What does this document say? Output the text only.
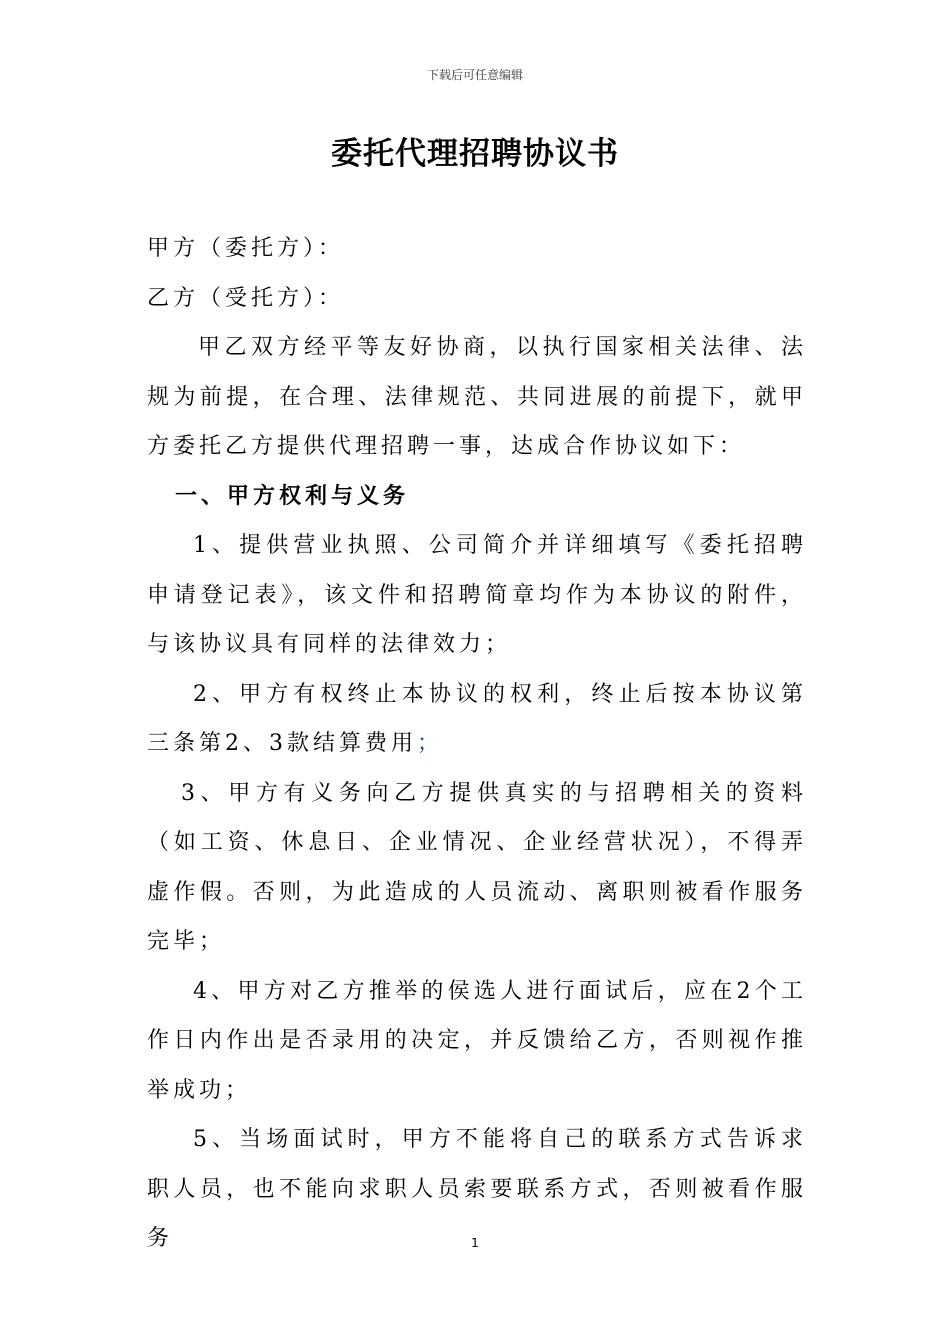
下载后可任意编辑
委托代理招聘协议书

甲方（委托方）：

乙方（受托方）：

甲乙双方经平等友好协商，以执行国家相关法律、法规为前提，在合理、法律规范、共同进展的前提下，就甲方委托乙方提供代理招聘一事，达成合作协议如下：

一、甲方权利与义务

1、提供营业执照、公司简介并详细填写《委托招聘申请登记表》，该文件和招聘简章均作为本协议的附件，与该协议具有同样的法律效力；

2、甲方有权终止本协议的权利，终止后按本协议第三条第2、3款结算费用；

3、甲方有义务向乙方提供真实的与招聘相关的资料（如工资、休息日、企业情况、企业经营状况），不得弄虚作假。否则，为此造成的人员流动、离职则被看作服务完毕；

4、甲方对乙方推举的侯选人进行面试后，应在2个工作日内作出是否录用的决定，并反馈给乙方，否则视作推举成功；

5、当场面试时，甲方不能将自己的联系方式告诉求职人员，也不能向求职人员索要联系方式，否则被看作服务	1
